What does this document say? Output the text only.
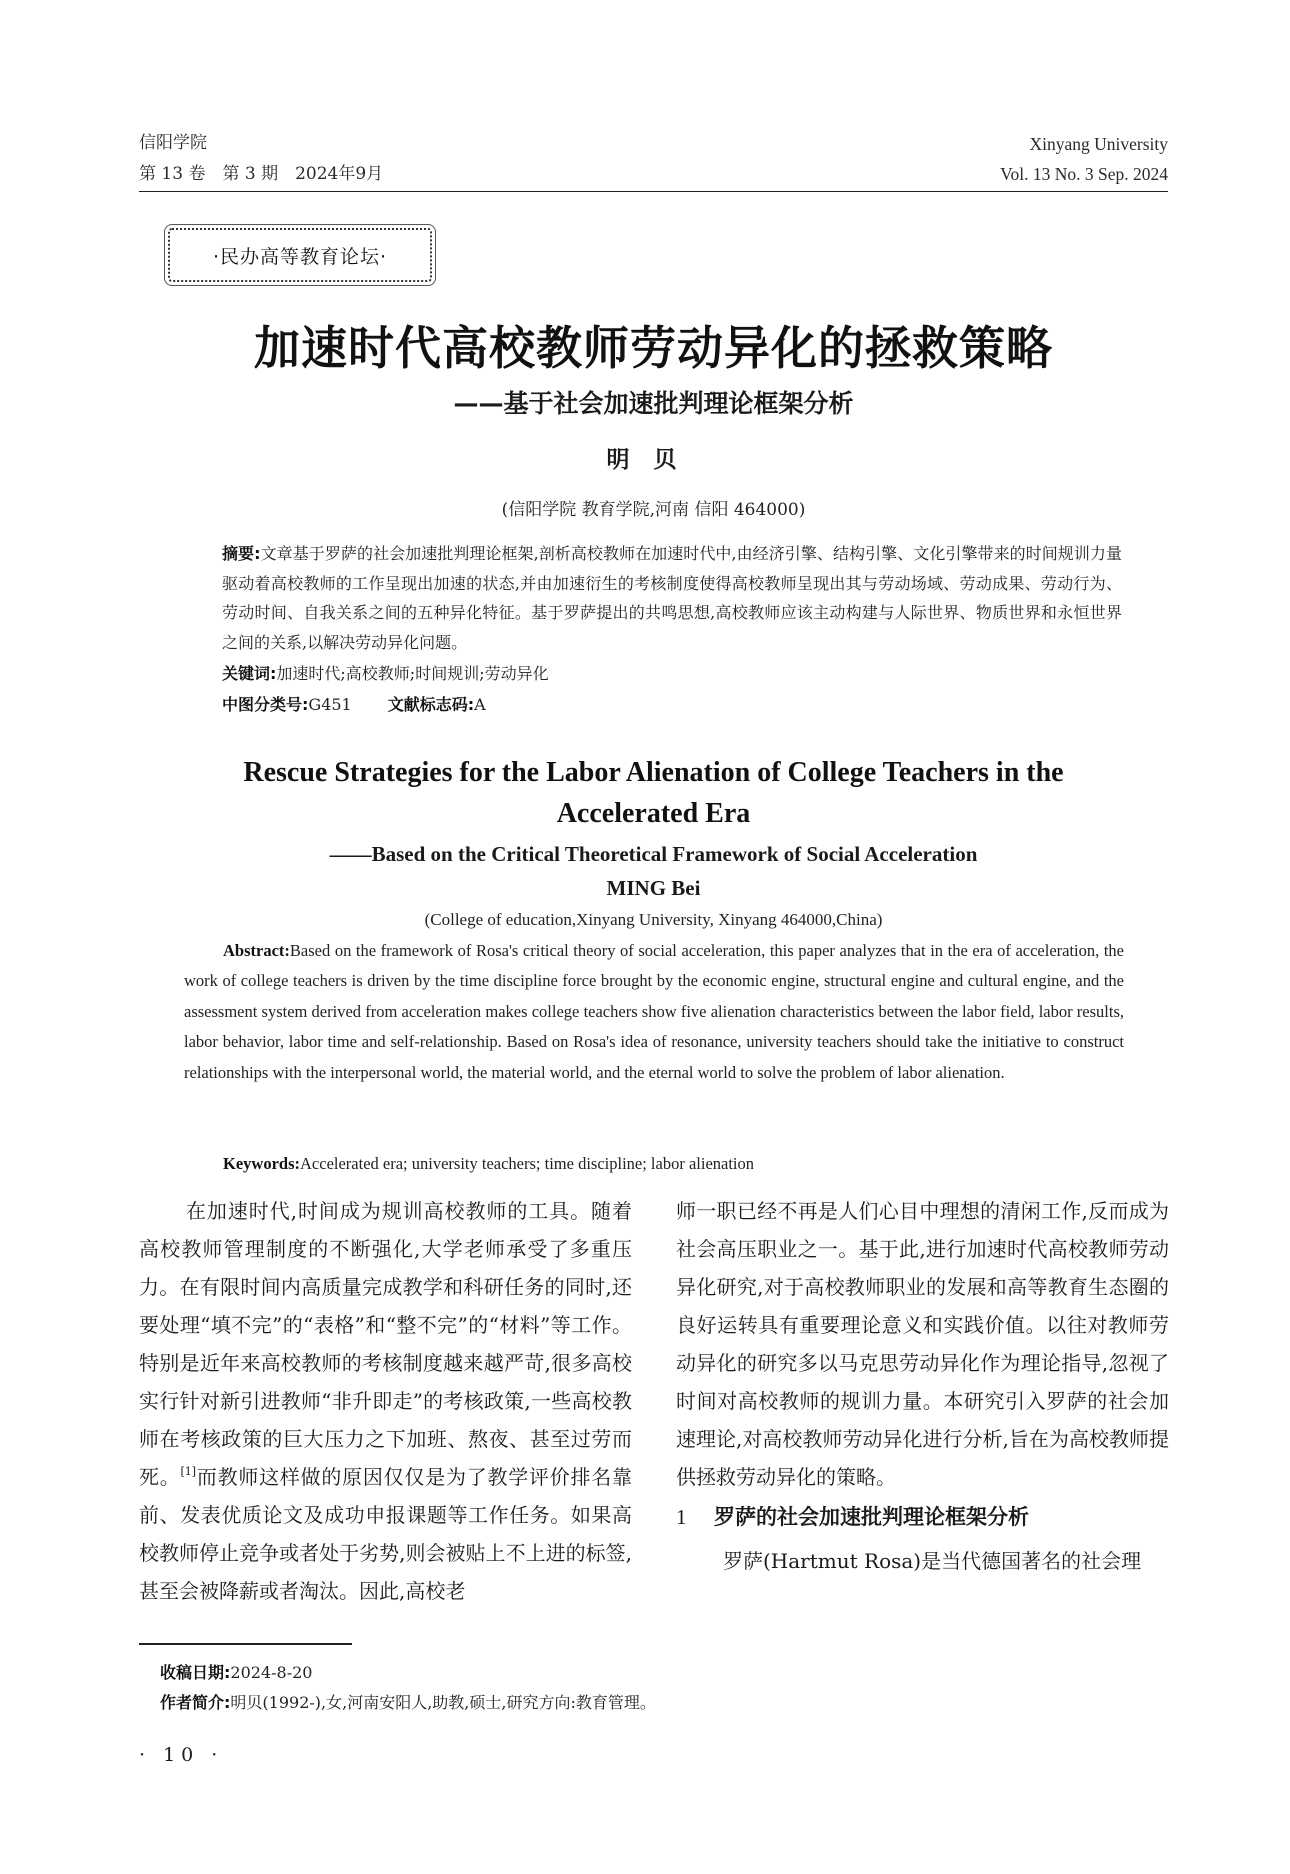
信阳学院
第 13 卷　第 3 期　2024年9月
Xinyang University
Vol. 13 No. 3 Sep. 2024
·民办高等教育论坛·
加速时代高校教师劳动异化的拯救策略
——基于社会加速批判理论框架分析
明贝
(信阳学院 教育学院,河南 信阳 464000)
摘要:文章基于罗萨的社会加速批判理论框架,剖析高校教师在加速时代中,由经济引擎、结构引擎、文化引擎带来的时间规训力量驱动着高校教师的工作呈现出加速的状态,并由加速衍生的考核制度使得高校教师呈现出其与劳动场域、劳动成果、劳动行为、劳动时间、自我关系之间的五种异化特征。基于罗萨提出的共鸣思想,高校教师应该主动构建与人际世界、物质世界和永恒世界之间的关系,以解决劳动异化问题。
关键词:加速时代;高校教师;时间规训;劳动异化
中图分类号:G451 文献标志码:A
Rescue Strategies for the Labor Alienation of College Teachers in the Accelerated Era
——Based on the Critical Theoretical Framework of Social Acceleration
MING Bei
(College of education,Xinyang University, Xinyang 464000,China)
Abstract:Based on the framework of Rosa's critical theory of social acceleration, this paper analyzes that in the era of acceleration, the work of college teachers is driven by the time discipline force brought by the economic engine, structural engine and cultural engine, and the assessment system derived from acceleration makes college teachers show five alienation characteristics between the labor field, labor results, labor behavior, labor time and self-relationship. Based on Rosa's idea of resonance, university teachers should take the initiative to construct relationships with the interpersonal world, the material world, and the eternal world to solve the problem of labor alienation.
Keywords:Accelerated era; university teachers; time discipline; labor alienation
在加速时代,时间成为规训高校教师的工具。随着高校教师管理制度的不断强化,大学老师承受了多重压力。在有限时间内高质量完成教学和科研任务的同时,还要处理“填不完”的“表格”和“整不完”的“材料”等工作。特别是近年来高校教师的考核制度越来越严苛,很多高校实行针对新引进教师“非升即走”的考核政策,一些高校教师在考核政策的巨大压力之下加班、熬夜、甚至过劳而死。[1]而教师这样做的原因仅仅是为了教学评价排名靠前、发表优质论文及成功申报课题等工作任务。如果高校教师停止竞争或者处于劣势,则会被贴上不上进的标签,甚至会被降薪或者淘汰。因此,高校老
师一职已经不再是人们心目中理想的清闲工作,反而成为社会高压职业之一。基于此,进行加速时代高校教师劳动异化研究,对于高校教师职业的发展和高等教育生态圈的良好运转具有重要理论意义和实践价值。以往对教师劳动异化的研究多以马克思劳动异化作为理论指导,忽视了时间对高校教师的规训力量。本研究引入罗萨的社会加速理论,对高校教师劳动异化进行分析,旨在为高校教师提供拯救劳动异化的策略。
1 罗萨的社会加速批判理论框架分析
罗萨(Hartmut Rosa)是当代德国著名的社会理
收稿日期:2024-8-20
作者简介:明贝(1992-),女,河南安阳人,助教,硕士,研究方向:教育管理。
· 10 ·
